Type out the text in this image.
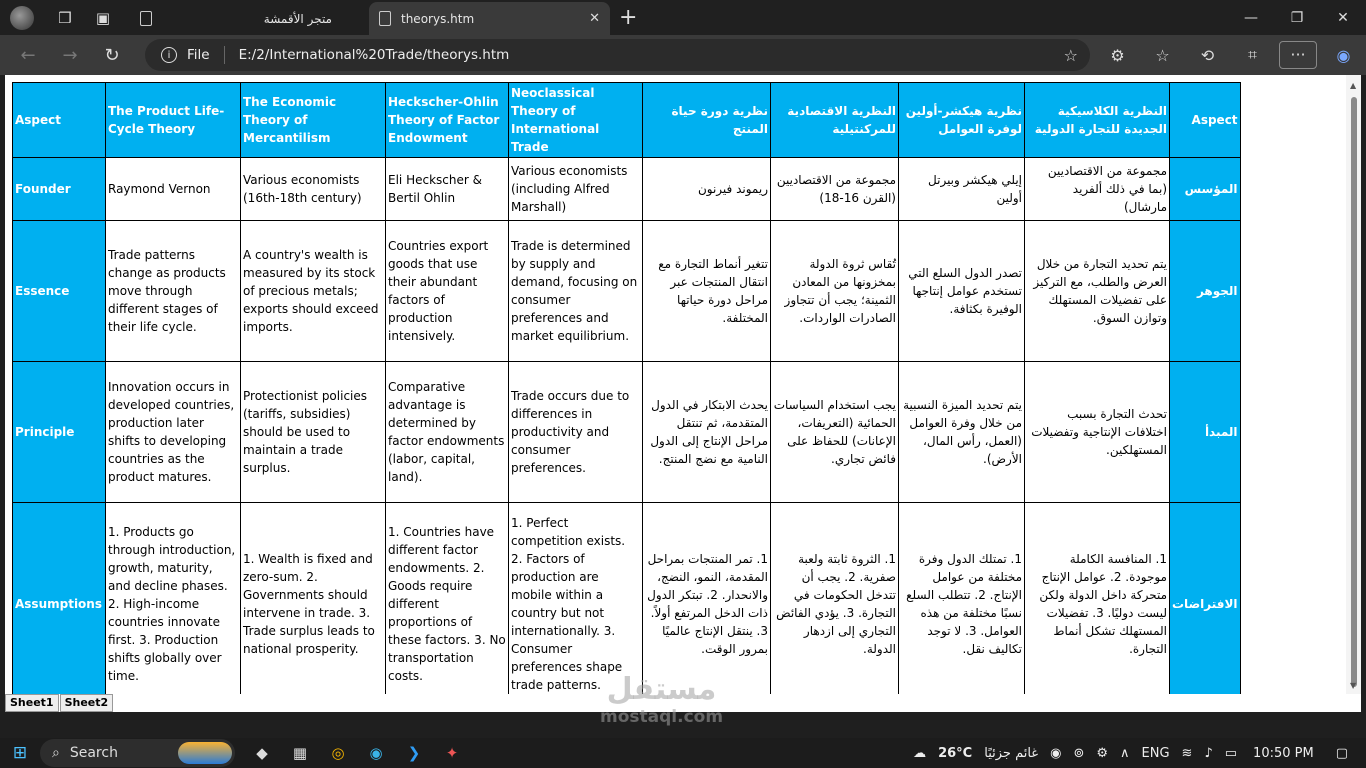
❒	▣	متجر الأقمشة	theorys.htm	✕ +	—	❐	✕
←	→	↻	i	File E:/2/International%20Trade/theorys.htm	☆	⚙	☆	⟲	⌗	···	◉
Aspect	The Product Life-Cycle Theory	The Economic Theory of Mercantilism	Heckscher-Ohlin Theory of Factor Endowment	Neoclassical Theory of International Trade	نظرية دورة حياة المنتج	النظرية الاقتصادية للمركنتيلية	نظرية هيكشر-أولين لوفرة العوامل	النظرية الكلاسيكية الجديدة للتجارة الدولية	Aspect
Founder	Raymond Vernon	Various economists (16th-18th century)	Eli Heckscher & Bertil Ohlin	Various economists (including Alfred Marshall)	ريموند فيرنون	مجموعة من الاقتصاديين (القرن 16-18)	إيلي هيكشر وبيرتل أولين	مجموعة من الاقتصاديين (بما في ذلك ألفريد مارشال)	المؤسس
Essence	Trade patterns change as products move through different stages of their life cycle.	A country's wealth is measured by its stock of precious metals; exports should exceed imports.	Countries export goods that use their abundant factors of production intensively.	Trade is determined by supply and demand, focusing on consumer preferences and market equilibrium.	تتغير أنماط التجارة مع انتقال المنتجات عبر مراحل دورة حياتها المختلفة.	تُقاس ثروة الدولة بمخزونها من المعادن الثمينة؛ يجب أن تتجاوز الصادرات الواردات.	تصدر الدول السلع التي تستخدم عوامل إنتاجها الوفيرة بكثافة.	يتم تحديد التجارة من خلال العرض والطلب، مع التركيز على تفضيلات المستهلك وتوازن السوق.	الجوهر
Principle	Innovation occurs in developed countries, production later shifts to developing countries as the product matures.	Protectionist policies (tariffs, subsidies) should be used to maintain a trade surplus.	Comparative advantage is determined by factor endowments (labor, capital, land).	Trade occurs due to differences in productivity and consumer preferences.	يحدث الابتكار في الدول المتقدمة، ثم تنتقل مراحل الإنتاج إلى الدول النامية مع نضج المنتج.	يجب استخدام السياسات الحمائية (التعريفات، الإعانات) للحفاظ على فائض تجاري.	يتم تحديد الميزة النسبية من خلال وفرة العوامل (العمل، رأس المال، الأرض).	تحدث التجارة بسبب اختلافات الإنتاجية وتفضيلات المستهلكين.	المبدأ
Assumptions	1. Products go through introduction, growth, maturity, and decline phases. 2. High-income countries innovate first. 3. Production shifts globally over time.	1. Wealth is fixed and zero-sum. 2. Governments should intervene in trade. 3. Trade surplus leads to national prosperity.	1. Countries have different factor endowments. 2. Goods require different proportions of these factors. 3. No transportation costs.	1. Perfect competition exists. 2. Factors of production are mobile within a country but not internationally. 3. Consumer preferences shape trade patterns.	1. تمر المنتجات بمراحل المقدمة، النمو، النضج، والانحدار. 2. تبتكر الدول ذات الدخل المرتفع أولاً. 3. ينتقل الإنتاج عالميًا بمرور الوقت.	1. الثروة ثابتة ولعبة صفرية. 2. يجب أن تتدخل الحكومات في التجارة. 3. يؤدي الفائض التجاري إلى ازدهار الدولة.	1. تمتلك الدول وفرة مختلفة من عوامل الإنتاج. 2. تتطلب السلع نسبًا مختلفة من هذه العوامل. 3. لا توجد تكاليف نقل.	1. المنافسة الكاملة موجودة. 2. عوامل الإنتاج متحركة داخل الدولة ولكن ليست دوليًا. 3. تفضيلات المستهلك تشكل أنماط التجارة.	الافتراضات

▲
▼
Sheet1	Sheet2	مستقل
mostaql.com
⊞	⌕ Search	◆	▦	◎	◉	❯	✦	☁ 26°C غائم جزئيًا ◉ ⊚ ⚙ ∧ ENG ≋ ♪ ▭ 10:50 PM ▢
